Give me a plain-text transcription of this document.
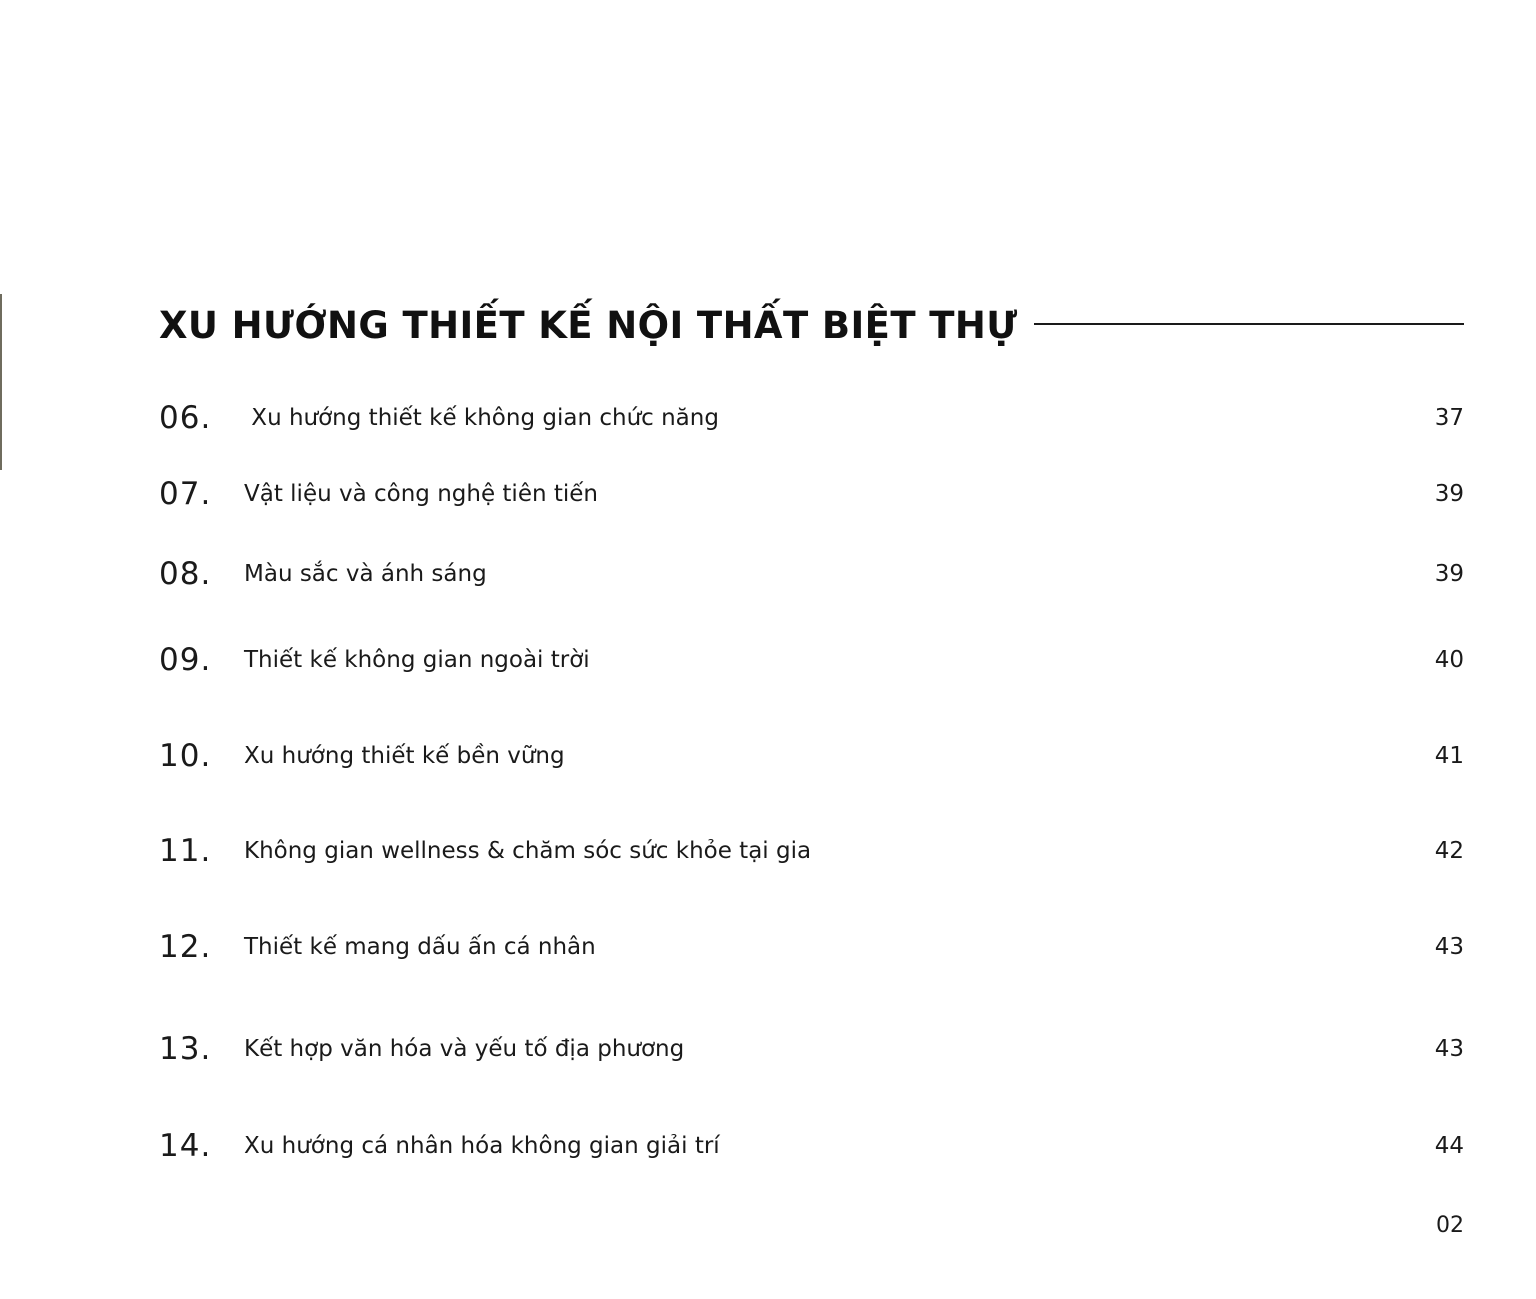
XU HƯỚNG THIẾT KẾ NỘI THẤT BIỆT THỰ
06. Xu hướng thiết kế không gian chức năng	37
07. Vật liệu và công nghệ tiên tiến	39
08. Màu sắc và ánh sáng	39
09. Thiết kế không gian ngoài trời	40
10. Xu hướng thiết kế bền vững	41
11. Không gian wellness & chăm sóc sức khỏe tại gia	42
12. Thiết kế mang dấu ấn cá nhân	43
13. Kết hợp văn hóa và yếu tố địa phương	43
14. Xu hướng cá nhân hóa không gian giải trí	44
02
